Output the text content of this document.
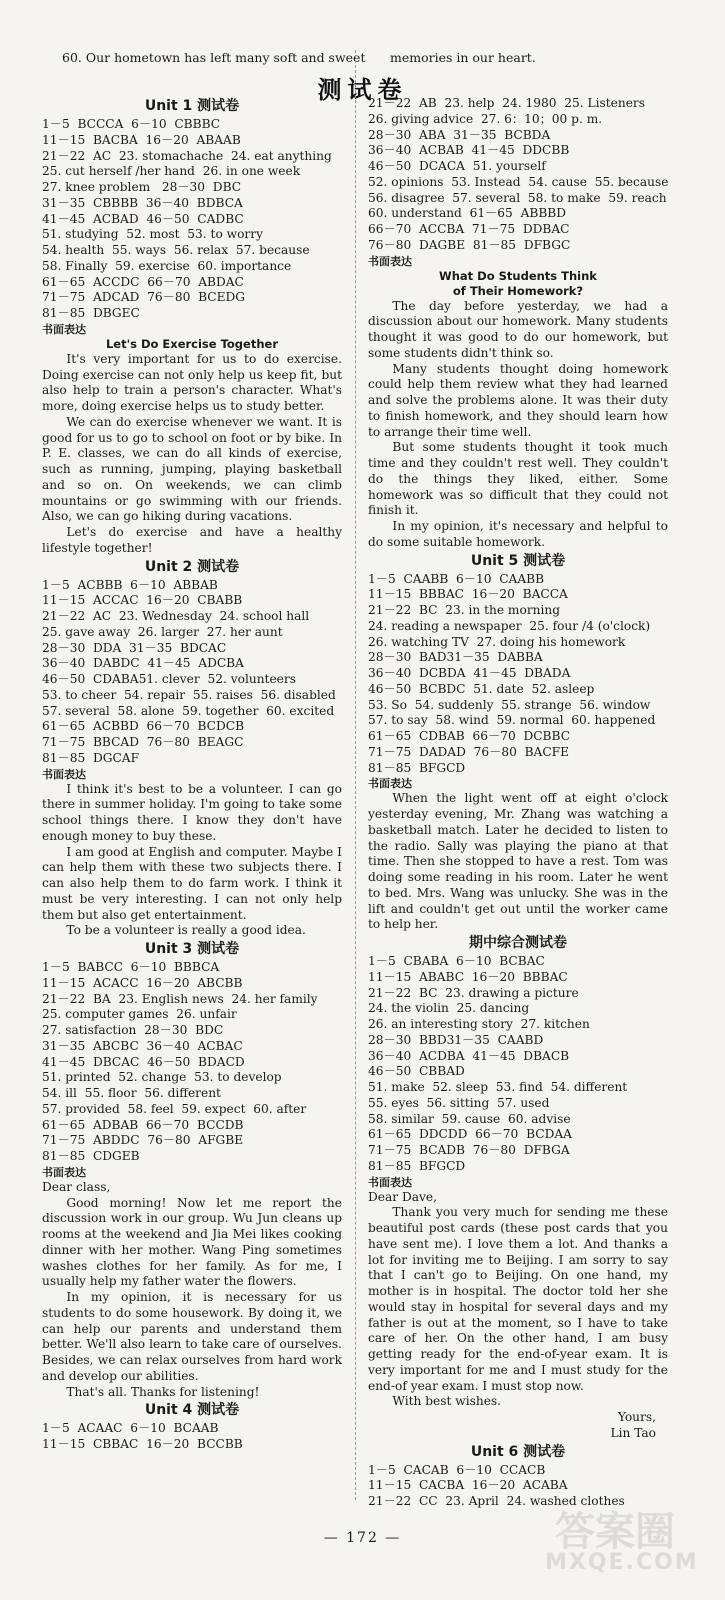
60. Our hometown has left many soft and sweet memories in our heart.
测试卷
Unit 1 测试卷
1－5  BCCCA  6－10  CBBBC
11－15  BACBA  16－20  ABAAB
21－22  AC  23. stomachache  24. eat anything
25. cut herself /her hand  26. in one week
27. knee problem   28－30  DBC
31－35  CBBBB  36－40  BDBCA
41－45  ACBAD  46－50  CADBC
51. studying  52. most  53. to worry
54. health  55. ways  56. relax  57. because
58. Finally  59. exercise  60. importance
61－65  ACCDC  66－70  ABDAC
71－75  ADCAD  76－80  BCEDG
81－85  DBGEC
书面表达
Let's Do Exercise Together

It's very important for us to do exercise. Doing exercise can not only help us keep fit, but also help to train a person's character. What's more, doing exercise helps us to study better.

We can do exercise whenever we want. It is good for us to go to school on foot or by bike. In P. E. classes, we can do all kinds of exercise, such as running, jumping, playing basketball and so on. On weekends, we can climb mountains or go swimming with our friends. Also, we can go hiking during vacations.

Let's do exercise and have a healthy lifestyle together!

Unit 2 测试卷
1－5  ACBBB  6－10  ABBAB
11－15  ACCAC  16－20  CBABB
21－22  AC  23. Wednesday  24. school hall
25. gave away  26. larger  27. her aunt
28－30  DDA  31－35  BDCAC
36－40  DABDC  41－45  ADCBA
46－50  CDABA51. clever  52. volunteers
53. to cheer  54. repair  55. raises  56. disabled
57. several  58. alone  59. together  60. excited
61－65  ACBBD  66－70  BCDCB
71－75  BBCAD  76－80  BEAGC
81－85  DGCAF
书面表达

I think it's best to be a volunteer. I can go there in summer holiday. I'm going to take some school things there. I know they don't have enough money to buy these.

I am good at English and computer. Maybe I can help them with these two subjects there. I can also help them to do farm work. I think it must be very interesting. I can not only help them but also get entertainment.

To be a volunteer is really a good idea.

Unit 3 测试卷
1－5  BABCC  6－10  BBBCA
11－15  ACACC  16－20  ABCBB
21－22  BA  23. English news  24. her family
25. computer games  26. unfair
27. satisfaction  28－30  BDC
31－35  ABCBC  36－40  ACBAC
41－45  DBCAC  46－50  BDACD
51. printed  52. change  53. to develop
54. ill  55. floor  56. different
57. provided  58. feel  59. expect  60. after
61－65  ADBAB  66－70  BCCDB
71－75  ABDDC  76－80  AFGBE
81－85  CDGEB
书面表达

Dear class,

Good morning! Now let me report the discussion work in our group. Wu Jun cleans up rooms at the weekend and Jia Mei likes cooking dinner with her mother. Wang Ping sometimes washes clothes for her family. As for me, I usually help my father water the flowers.

In my opinion, it is necessary for us students to do some housework. By doing it, we can help our parents and understand them better. We'll also learn to take care of ourselves. Besides, we can relax ourselves from hard work and develop our abilities.

That's all. Thanks for listening!

Unit 4 测试卷
1－5  ACAAC  6－10  BCAAB
11－15  CBBAC  16－20  BCCBB
21－22  AB  23. help  24. 1980  25. Listeners
26. giving advice  27. 6：10；00 p. m.
28－30  ABA  31－35  BCBDA
36－40  ACBAB  41－45  DDCBB
46－50  DCACA  51. yourself
52. opinions  53. Instead  54. cause  55. because
56. disagree  57. several  58. to make  59. reach
60. understand  61－65  ABBBD
66－70  ACCBA  71－75  DDBAC
76－80  DAGBE  81－85  DFBGC
书面表达
What Do Students Think
of Their Homework?

The day before yesterday, we had a discussion about our homework. Many students thought it was good to do our homework, but some students didn't think so.

Many students thought doing homework could help them review what they had learned and solve the problems alone. It was their duty to finish homework, and they should learn how to arrange their time well.

But some students thought it took much time and they couldn't rest well. They couldn't do the things they liked, either. Some homework was so difficult that they could not finish it.

In my opinion, it's necessary and helpful to do some suitable homework.

Unit 5 测试卷
1－5  CAABB  6－10  CAABB
11－15  BBBAC  16－20  BACCA
21－22  BC  23. in the morning
24. reading a newspaper  25. four /4 (o'clock)
26. watching TV  27. doing his homework
28－30  BAD31－35  DABBA
36－40  DCBDA  41－45  DBADA
46－50  BCBDC  51. date  52. asleep
53. So  54. suddenly  55. strange  56. window
57. to say  58. wind  59. normal  60. happened
61－65  CDBAB  66－70  DCBBC
71－75  DADAD  76－80  BACFE
81－85  BFGCD
书面表达

When the light went off at eight o'clock yesterday evening, Mr. Zhang was watching a basketball match. Later he decided to listen to the radio. Sally was playing the piano at that time. Then she stopped to have a rest. Tom was doing some reading in his room. Later he went to bed. Mrs. Wang was unlucky. She was in the lift and couldn't get out until the worker came to help her.

期中综合测试卷
1－5  CBABA  6－10  BCBAC
11－15  ABABC  16－20  BBBAC
21－22  BC  23. drawing a picture
24. the violin  25. dancing
26. an interesting story  27. kitchen
28－30  BBD31－35  CAABD
36－40  ACDBA  41－45  DBACB
46－50  CBBAD
51. make  52. sleep  53. find  54. different
55. eyes  56. sitting  57. used
58. similar  59. cause  60. advise
61－65  DDCDD  66－70  BCDAA
71－75  BCADB  76－80  DFBGA
81－85  BFGCD
书面表达

Dear Dave,

Thank you very much for sending me these beautiful post cards (these post cards that you have sent me). I love them a lot. And thanks a lot for inviting me to Beijing. I am sorry to say that I can't go to Beijing. On one hand, my mother is in hospital. The doctor told her she would stay in hospital for several days and my father is out at the moment, so I have to take care of her. On the other hand, I am busy getting ready for the end-of-year exam. It is very important for me and I must study for the end-of year exam. I must stop now.

With best wishes.

Yours,

Lin Tao

Unit 6 测试卷
1－5  CACAB  6－10  CCACB
11－15  CACBA  16－20  ACABA
21－22  CC  23. April  24. washed clothes
— 172 —	答案圈
MXQE.COM
